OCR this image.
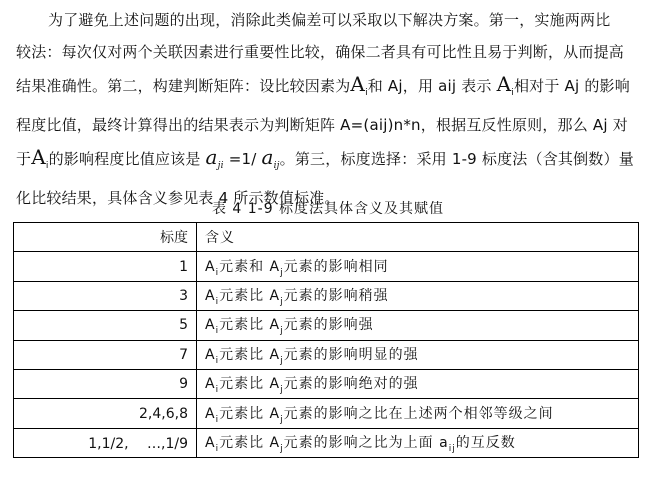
为了避免上述问题的出现，消除此类偏差可以采取以下解决方案。第一，实施两两比
较法：每次仅对两个关联因素进行重要性比较，确保二者具有可比性且易于判断，从而提高
结果准确性。第二，构建判断矩阵：设比较因素为$A_i$和 Aj，用 aij 表示 $A_i$相对于 Aj 的影响
程度比值，最终计算得出的结果表示为判断矩阵 A=(aij)n*n，根据互反性原则，那么 Aj 对
于$A_i$的影响程度比值应该是 $a_{ji} =1/$ $a_{ij}$。第三，标度选择：采用 1-9 标度法（含其倒数）量
化比较结果，具体含义参见表 4 所示数值标准。
表 4 1-9 标度法具体含义及其赋值
标度	含义
1	$A_i$元素和 $A_j$元素的影响相同
3	$A_i$元素比 $A_j$元素的影响稍强
5	$A_i$元素比 $A_j$元素的影响强
7	$A_i$元素比 $A_j$元素的影响明显的强
9	$A_i$元素比 $A_j$元素的影响绝对的强
2,4,6,8	$A_i$元素比 $A_j$元素的影响之比在上述两个相邻等级之间
1,1/2, 　…,1/9	$A_i$元素比 $A_j$元素的影响之比为上面 $a_{ij}$的互反数
